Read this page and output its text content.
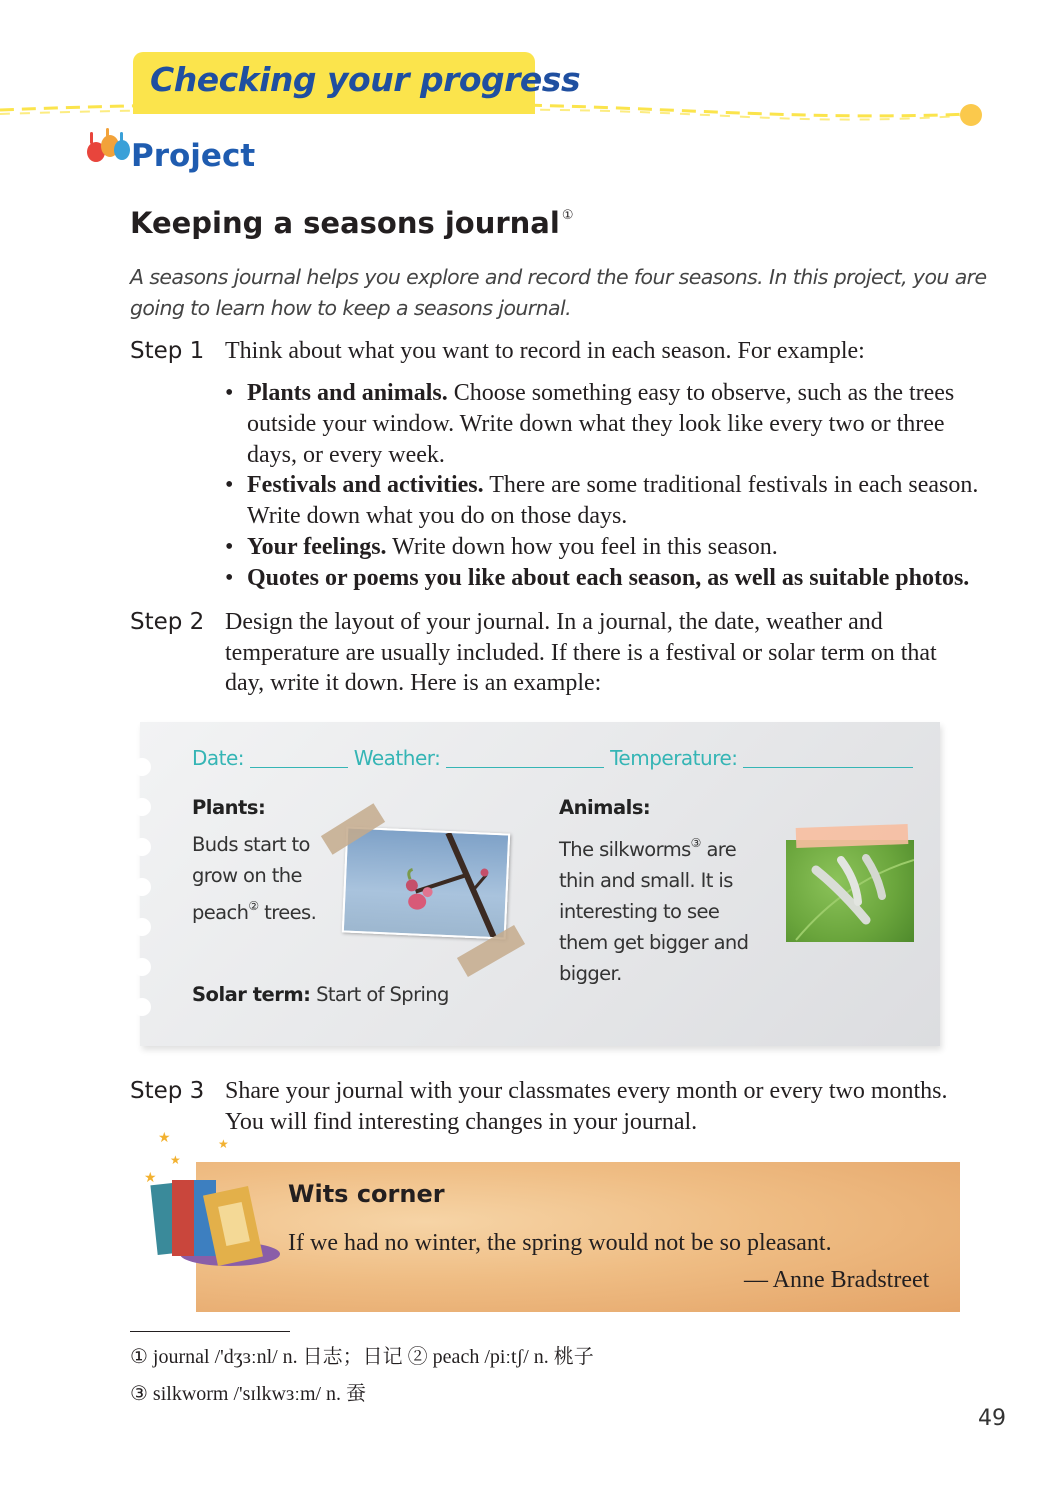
Checking your progress
Project
Keeping a seasons journal ①
A seasons journal helps you explore and record the four seasons. In this project, you are going to learn how to keep a seasons journal.
Step 1 Think about what you want to record in each season. For example:
• Plants and animals. Choose something easy to observe, such as the trees outside your window. Write down what they look like every two or three days, or every week.
• Festivals and activities. There are some traditional festivals in each season. Write down what you do on those days.
• Your feelings. Write down how you feel in this season.
• Quotes or poems you like about each season, as well as suitable photos.
Step 2 Design the layout of your journal. In a journal, the date, weather and temperature are usually included. If there is a festival or solar term on that day, write it down. Here is an example:
Date:	Weather:	Temperature:
Plants:
Buds start to grow on the peach② trees.
Solar term: Start of Spring
Animals:
The silkworms③ are thin and small. It is interesting to see them get bigger and bigger.
Step 3 Share your journal with your classmates every month or every two months. You will find interesting changes in your journal.
★
★
★
★
Wits corner
If we had no winter, the spring would not be so pleasant.
— Anne Bradstreet
① journal /'dʒɜːnl/ n. 日志；日记 ② peach /piːtʃ/ n. 桃子
③ silkworm /'sɪlkwɜːm/ n. 蚕
49
